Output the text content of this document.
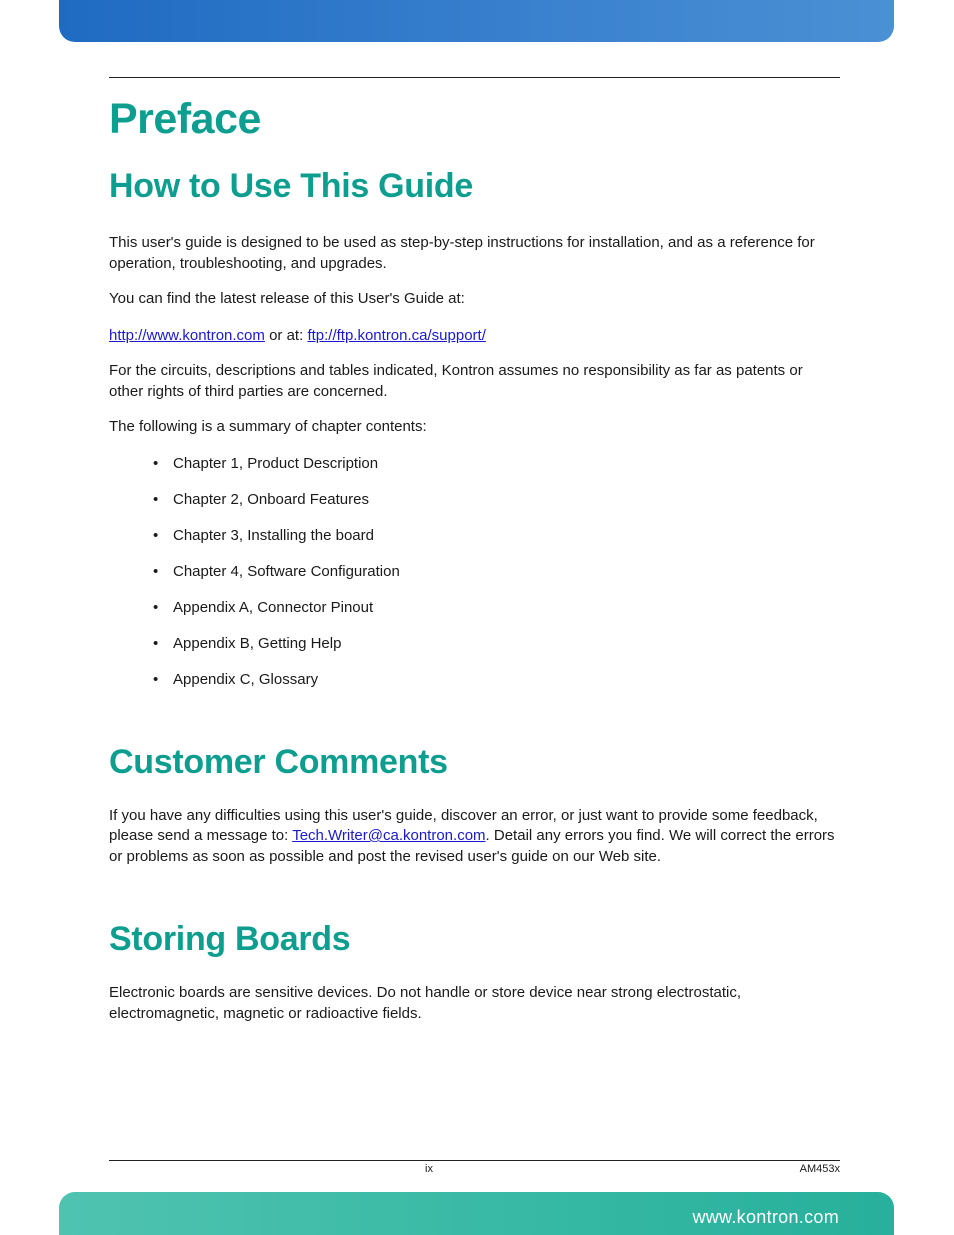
Preface
How to Use This Guide

This user's guide is designed to be used as step-by-step instructions for installation, and as a reference for operation, troubleshooting, and upgrades.

You can find the latest release of this User's Guide at:

http://www.kontron.com or at: ftp://ftp.kontron.ca/support/

For the circuits, descriptions and tables indicated, Kontron assumes no responsibility as far as patents or other rights of third parties are concerned.

The following is a summary of chapter contents:

• Chapter 1, Product Description
• Chapter 2, Onboard Features
• Chapter 3, Installing the board
• Chapter 4, Software Configuration
• Appendix A, Connector Pinout
• Appendix B, Getting Help
• Appendix C, Glossary
Customer Comments

If you have any difficulties using this user's guide, discover an error, or just want to provide some feedback, please send a message to: Tech.Writer@ca.kontron.com. Detail any errors you find. We will correct the errors or problems as soon as possible and post the revised user's guide on our Web site.

Storing Boards

Electronic boards are sensitive devices. Do not handle or store device near strong electrostatic, electromagnetic, magnetic or radioactive fields.

ix	AM453x
www.kontron.com
